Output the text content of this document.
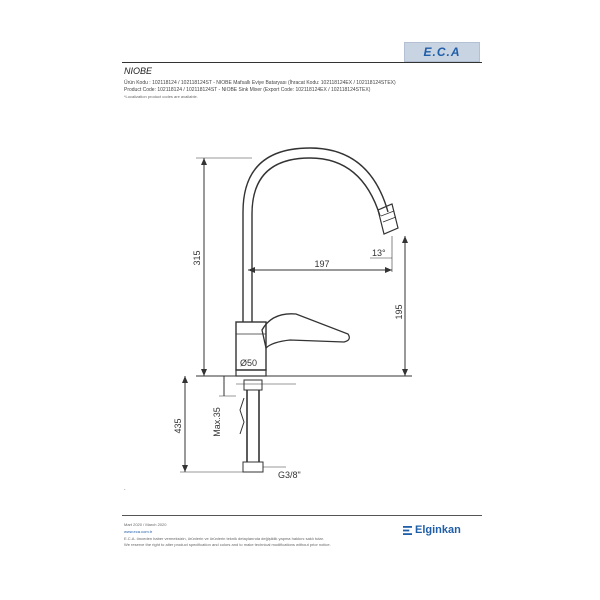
E.C.A
NIOBE
Ürün Kodu : 102118124 / 102118124ST - NIOBE Mafsallı Eviye Bataryası (İhracat Kodu: 102118124EX / 102118124STEX)
Product Code: 102118124 / 102118124ST - NIOBE Sink Mixer (Export Code: 102118124EX / 102118124STEX)
*Localization product codes are available.
315	197
13°
195
Ø50
435	Max.35
G3/8"
.
Mart 2020 / March 2020
www.eca.com.tr
E.C.A. önceden haber vermeksizin, ürünlerin ve ürünlerin teknik detaylarında değişiklik yapma hakkını saklı tutar.
We reserve the right to alter product specification and colors and to make technical modifications without prior notice.
Elginkan
